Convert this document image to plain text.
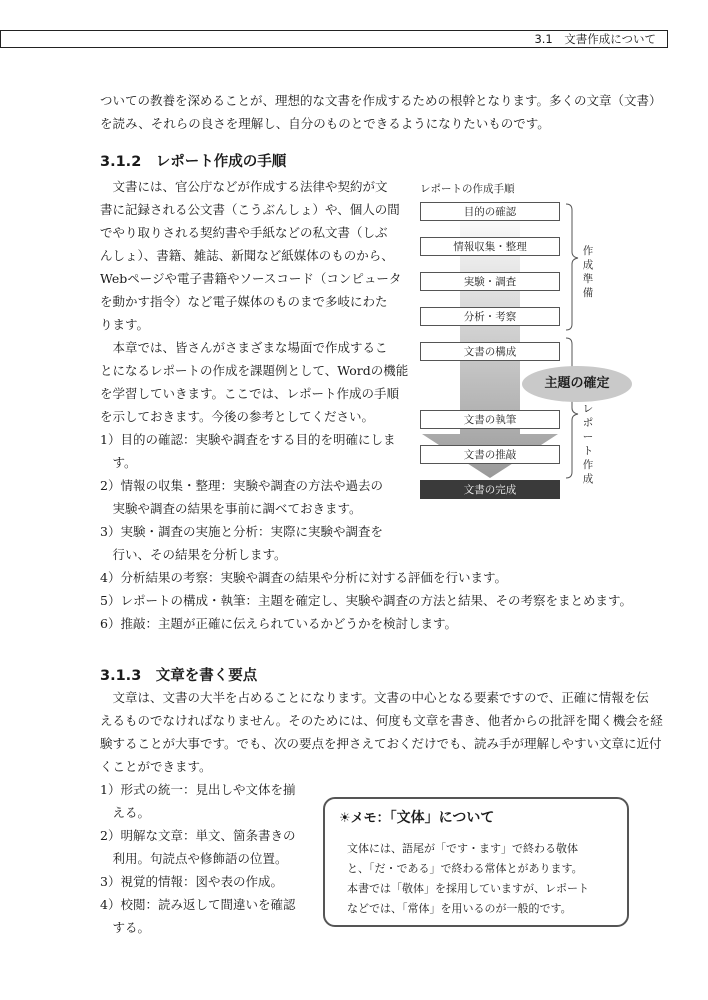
3.1　文書作成について
ついての教養を深めることが、理想的な文書を作成するための根幹となります。多くの文章（文書）
を読み、それらの良さを理解し、自分のものとできるようになりたいものです。
3.1.2　レポート作成の手順
　文書には、官公庁などが作成する法律や契約が文
書に記録される公文書（こうぶんしょ）や、個人の間
でやり取りされる契約書や手紙などの私文書（しぶ
んしょ）、書籍、雑誌、新聞など紙媒体のものから、
Webページや電子書籍やソースコード（コンピュータ
を動かす指令）など電子媒体のものまで多岐にわた
ります。
　本章では、皆さんがさまざまな場面で作成するこ
とになるレポートの作成を課題例として、Wordの機能
を学習していきます。ここでは、レポート作成の手順
を示しておきます。今後の参考としてください。
1）目的の確認：実験や調査をする目的を明確にしま
　す。
2）情報の収集・整理：実験や調査の方法や過去の
　実験や調査の結果を事前に調べておきます。
3）実験・調査の実施と分析：実際に実験や調査を
　行い、その結果を分析します。
4）分析結果の考察：実験や調査の結果や分析に対する評価を行います。
5）レポートの構成・執筆：主題を確定し、実験や調査の方法と結果、その考察をまとめます。
6）推敲：主題が正確に伝えられているかどうかを検討します。
レポートの作成手順
目的の確認
情報収集・整理
実験・調査
分析・考察
文書の構成
文書の執筆
文書の推敲
文書の完成
作成準備
レポート作成
主題の確定
3.1.3　文章を書く要点
　文章は、文書の大半を占めることになります。文書の中心となる要素ですので、正確に情報を伝
えるものでなければなりません。そのためには、何度も文章を書き、他者からの批評を聞く機会を経
験することが大事です。でも、次の要点を押さえておくだけでも、読み手が理解しやすい文章に近付
くことができます。
1）形式の統一：見出しや文体を揃
　える。
2）明解な文章：単文、箇条書きの
　利用。句読点や修飾語の位置。
3）視覚的情報：図や表の作成。
4）校閲：読み返して間違いを確認
　する。
☀メモ：「文体」について
文体には、語尾が「です・ます」で終わる敬体
と、「だ・である」で終わる常体とがあります。
本書では「敬体」を採用していますが、レポート
などでは、「常体」を用いるのが一般的です。
